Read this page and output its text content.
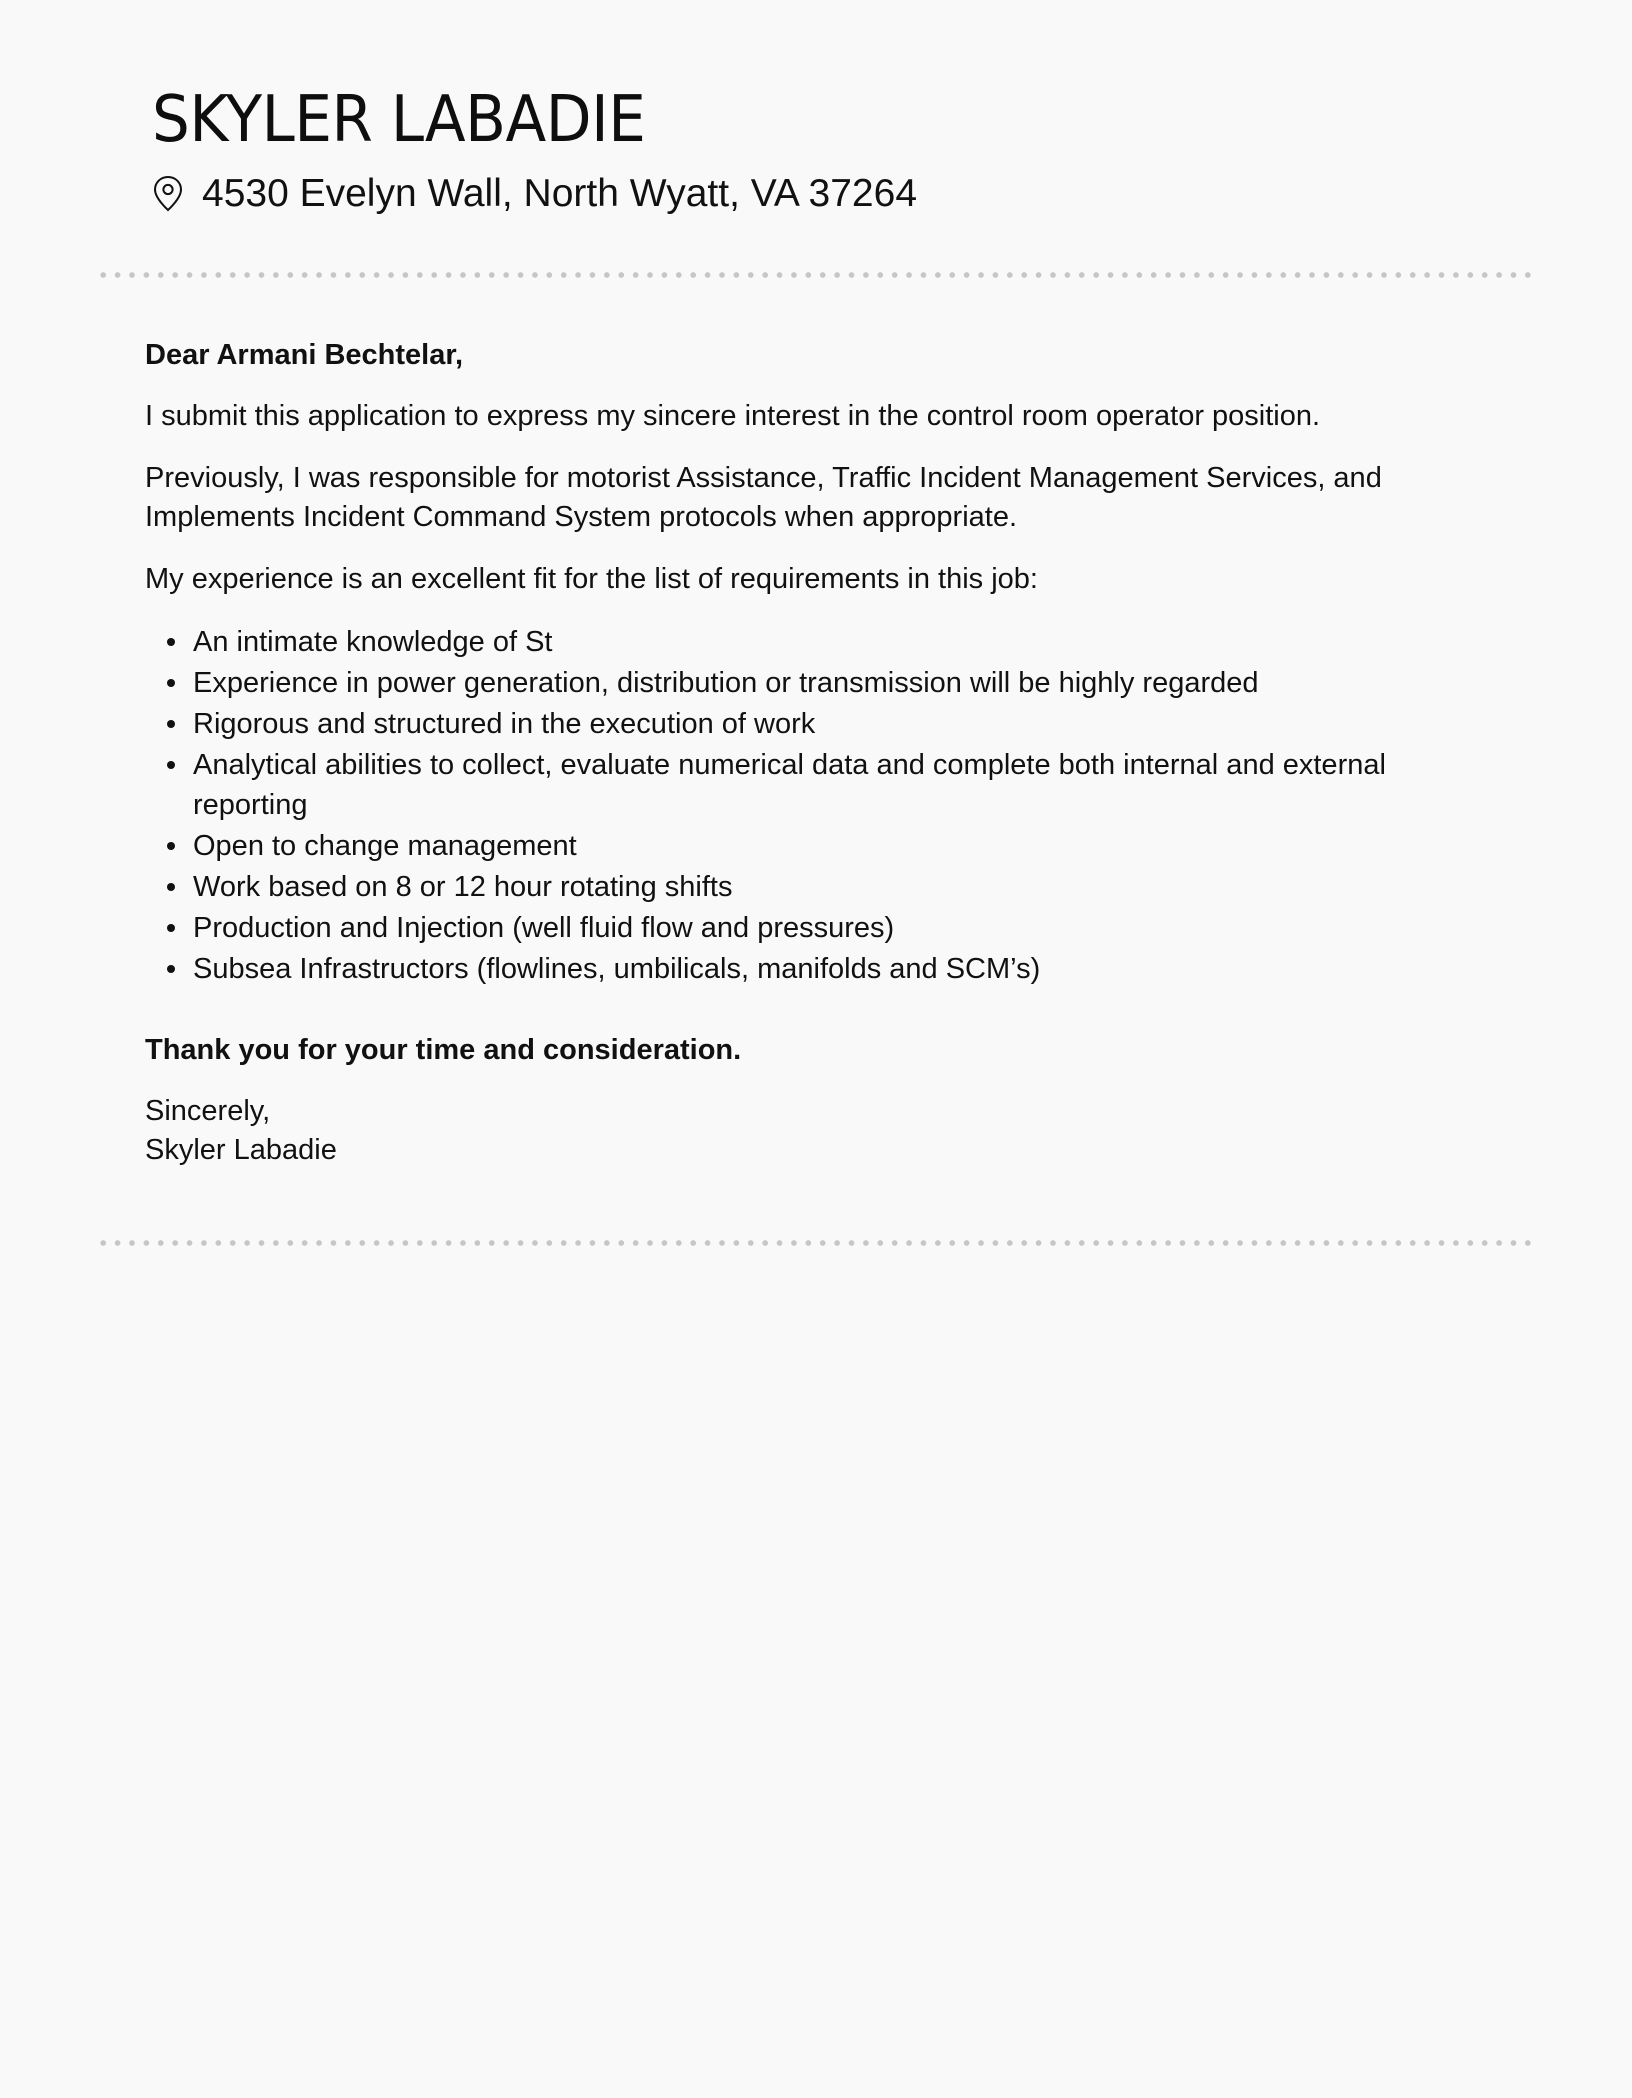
SKYLER LABADIE
4530 Evelyn Wall, North Wyatt, VA 37264

Dear Armani Bechtelar,

I submit this application to express my sincere interest in the control room operator position.

Previously, I was responsible for motorist Assistance, Traffic Incident Management Services, and Implements Incident Command System protocols when appropriate.

My experience is an excellent fit for the list of requirements in this job:

An intimate knowledge of St
Experience in power generation, distribution or transmission will be highly regarded
Rigorous and structured in the execution of work
Analytical abilities to collect, evaluate numerical data and complete both internal and external reporting
Open to change management
Work based on 8 or 12 hour rotating shifts
Production and Injection (well fluid flow and pressures)
Subsea Infrastructors (flowlines, umbilicals, manifolds and SCM’s)

Thank you for your time and consideration.

Sincerely,

Skyler Labadie
